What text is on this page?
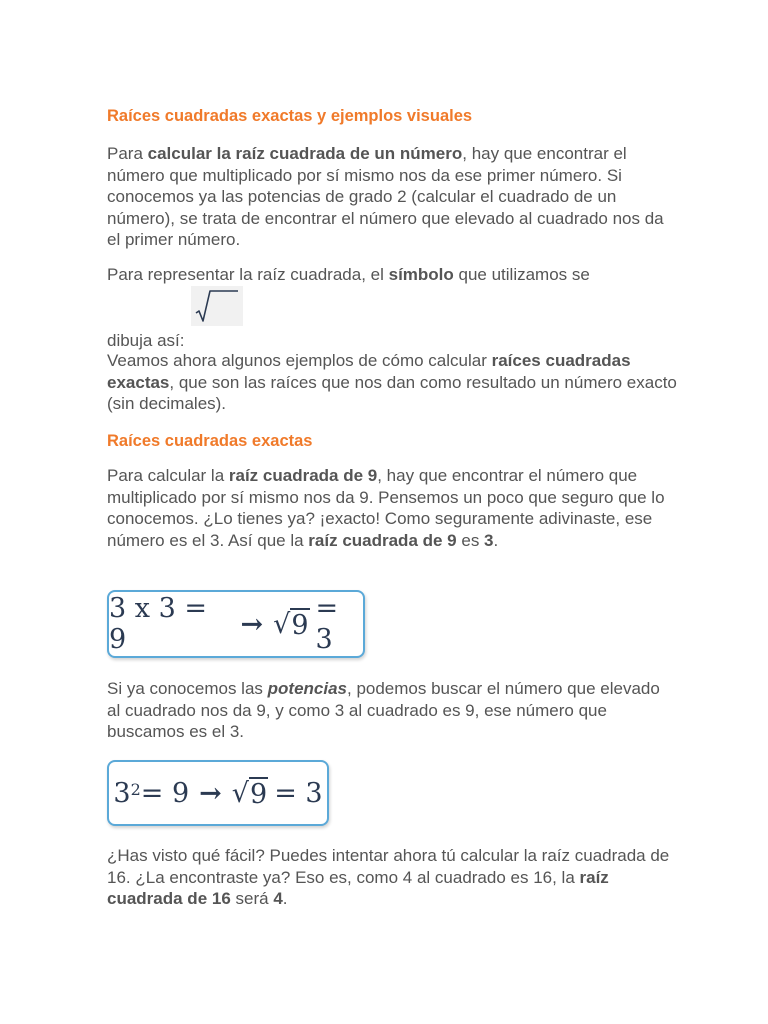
Raíces cuadradas exactas y ejemplos visuales

Para calcular la raíz cuadrada de un número, hay que encontrar el número que multiplicado por sí mismo nos da ese primer número. Si conocemos ya las potencias de grado 2 (calcular el cuadrado de un número), se trata de encontrar el número que elevado al cuadrado nos da el primer número.

Para representar la raíz cuadrada, el símbolo que utilizamos se

dibuja así:

Veamos ahora algunos ejemplos de cómo calcular raíces cuadradas exactas, que son las raíces que nos dan como resultado un número exacto (sin decimales).

Raíces cuadradas exactas

Para calcular la raíz cuadrada de 9, hay que encontrar el número que multiplicado por sí mismo nos da 9. Pensemos un poco que seguro que lo conocemos. ¿Lo tienes ya? ¡exacto! Como seguramente adivinaste, ese número es el 3. Así que la raíz cuadrada de 9 es 3.

3 x 3 = 9	→ √ 9
= 3

Si ya conocemos las potencias, podemos buscar el número que elevado al cuadrado nos da 9, y como 3 al cuadrado es 9, ese número que buscamos es el 3.

$3^2 = 9$ → √ 9 = 3

¿Has visto qué fácil? Puedes intentar ahora tú calcular la raíz cuadrada de 16. ¿La encontraste ya? Eso es, como 4 al cuadrado es 16, la raíz cuadrada de 16 será 4.
